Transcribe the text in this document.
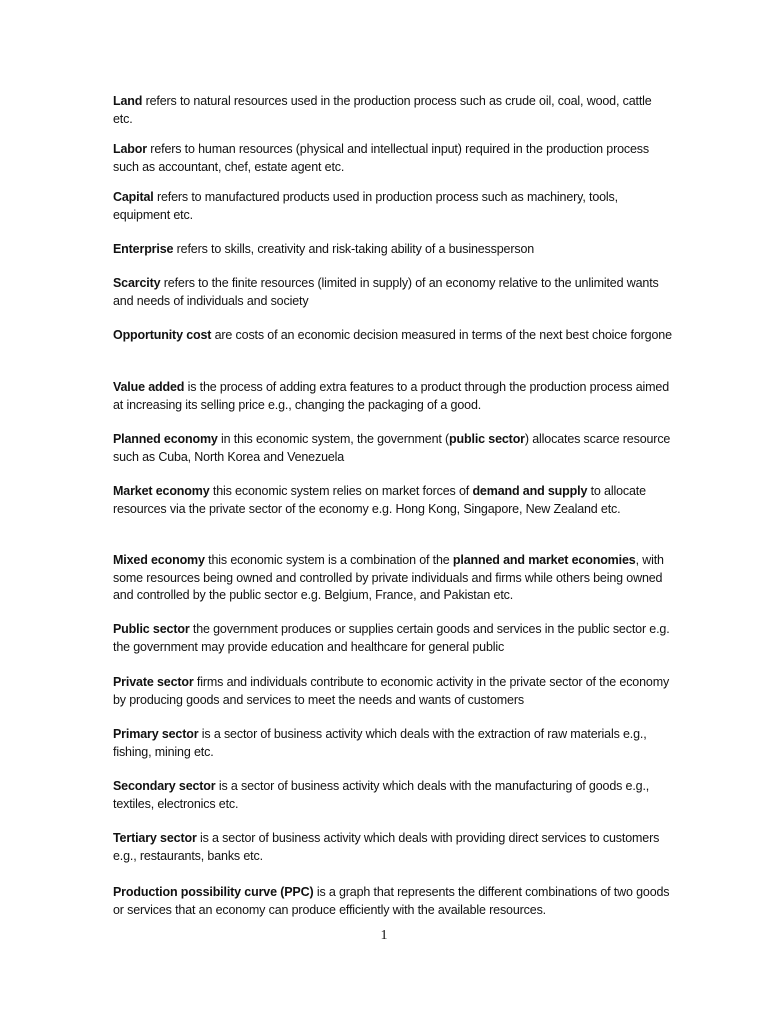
Land refers to natural resources used in the production process such as crude oil, coal, wood, cattle etc.
Labor refers to human resources (physical and intellectual input) required in the production process such as accountant, chef, estate agent etc.
Capital refers to manufactured products used in production process such as machinery, tools, equipment etc.
Enterprise refers to skills, creativity and risk-taking ability of a businessperson
Scarcity refers to the finite resources (limited in supply) of an economy relative to the unlimited wants and needs of individuals and society
Opportunity cost are costs of an economic decision measured in terms of the next best choice forgone
Value added is the process of adding extra features to a product through the production process aimed at increasing its selling price e.g., changing the packaging of a good.
Planned economy in this economic system, the government (public sector) allocates scarce resource such as Cuba, North Korea and Venezuela
Market economy this economic system relies on market forces of demand and supply to allocate resources via the private sector of the economy e.g. Hong Kong, Singapore, New Zealand etc.
Mixed economy this economic system is a combination of the planned and market economies, with some resources being owned and controlled by private individuals and firms while others being owned and controlled by the public sector e.g. Belgium, France, and Pakistan etc.
Public sector the government produces or supplies certain goods and services in the public sector e.g. the government may provide education and healthcare for general public
Private sector firms and individuals contribute to economic activity in the private sector of the economy by producing goods and services to meet the needs and wants of customers
Primary sector is a sector of business activity which deals with the extraction of raw materials e.g., fishing, mining etc.
Secondary sector is a sector of business activity which deals with the manufacturing of goods e.g., textiles, electronics etc.
Tertiary sector is a sector of business activity which deals with providing direct services to customers e.g., restaurants, banks etc.
Production possibility curve (PPC) is a graph that represents the different combinations of two goods or services that an economy can produce efficiently with the available resources.
1
